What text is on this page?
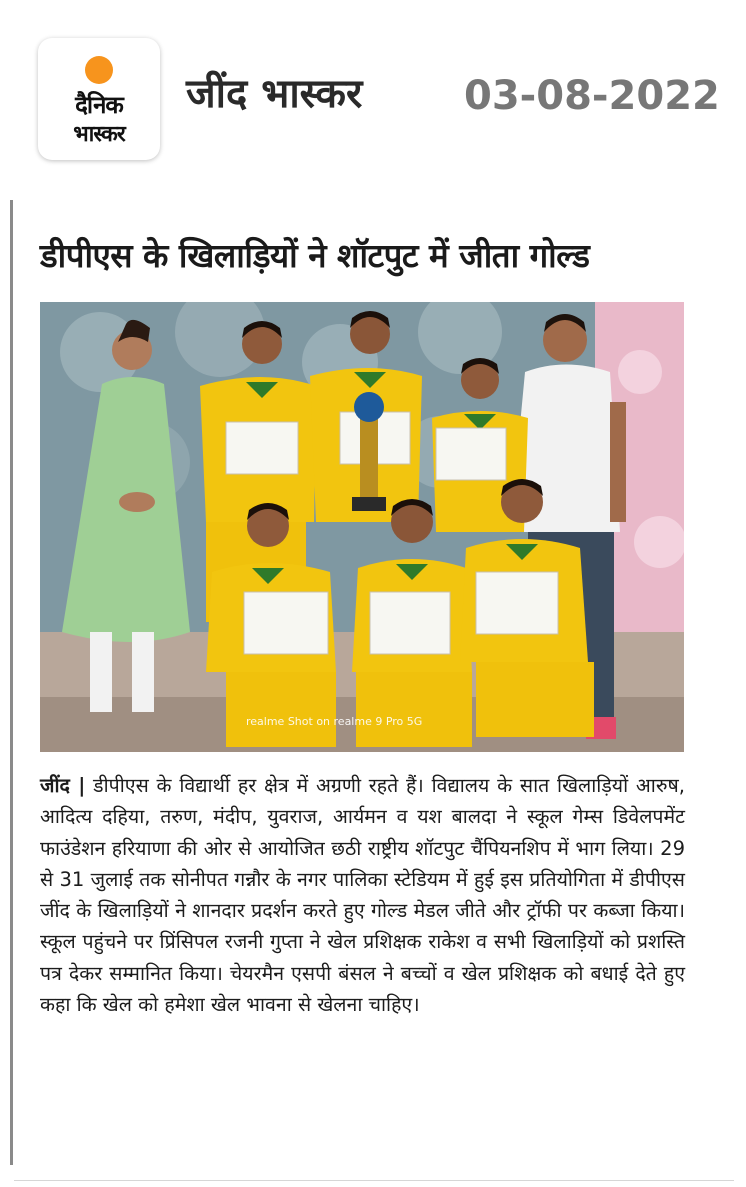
दैनिक
भास्कर
जींद भास्कर	03-08-2022
डीपीएस के खिलाड़ियों ने शॉटपुट में जीता गोल्ड
realme Shot on realme 9 Pro 5G
जींद | डीपीएस के विद्यार्थी हर क्षेत्र में अग्रणी रहते हैं। विद्यालय के सात खिलाड़ियों आरुष, आदित्य दहिया, तरुण, मंदीप, युवराज, आर्यमन व यश बालदा ने स्कूल गेम्स डिवेलपमेंट फाउंडेशन हरियाणा की ओर से आयोजित छठी राष्ट्रीय शॉटपुट चैंपियनशिप में भाग लिया। 29 से 31 जुलाई तक सोनीपत गन्नौर के नगर पालिका स्टेडियम में हुई इस प्रतियोगिता में डीपीएस जींद के खिलाड़ियों ने शानदार प्रदर्शन करते हुए गोल्ड मेडल जीते और ट्रॉफी पर कब्जा किया। स्कूल पहुंचने पर प्रिंसिपल रजनी गुप्ता ने खेल प्रशिक्षक राकेश व सभी खिलाड़ियों को प्रशस्ति पत्र देकर सम्मानित किया। चेयरमैन एसपी बंसल ने बच्चों व खेल प्रशिक्षक को बधाई देते हुए कहा कि खेल को हमेशा खेल भावना से खेलना चाहिए।
